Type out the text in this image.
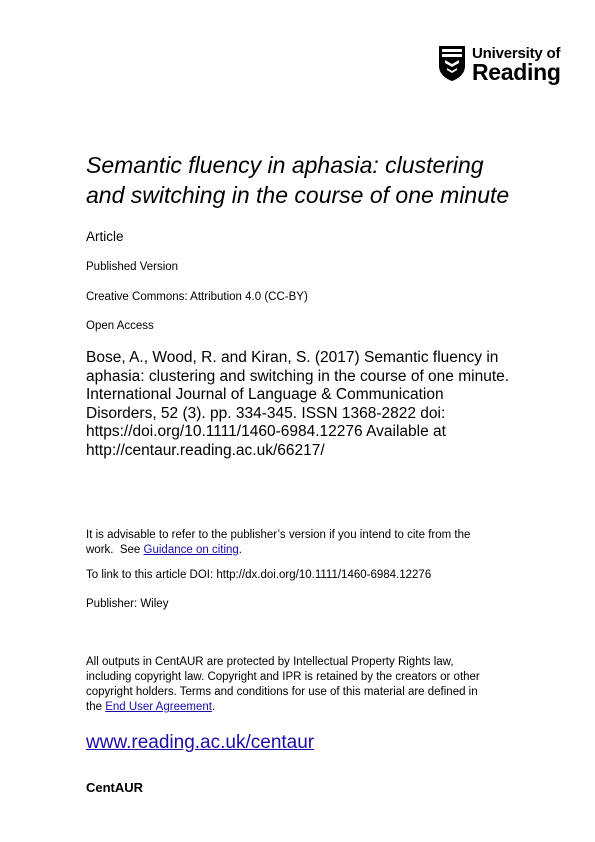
University of
Reading
Semantic fluency in aphasia: clustering
and switching in the course of one minute

Article

Published Version

Creative Commons: Attribution 4.0 (CC-BY)

Open Access

Bose, A., Wood, R. and Kiran, S. (2017) Semantic fluency in
aphasia: clustering and switching in the course of one minute.
International Journal of Language & Communication
Disorders, 52 (3). pp. 334-345. ISSN 1368-2822 doi:
https://doi.org/10.1111/1460-6984.12276 Available at
http://centaur.reading.ac.uk/66217/

It is advisable to refer to the publisher’s version if you intend to cite from the
work.  See Guidance on citing.

To link to this article DOI: http://dx.doi.org/10.1111/1460-6984.12276

Publisher: Wiley

All outputs in CentAUR are protected by Intellectual Property Rights law,
including copyright law. Copyright and IPR is retained by the creators or other
copyright holders. Terms and conditions for use of this material are defined in
the End User Agreement.

www.reading.ac.uk/centaur

CentAUR
